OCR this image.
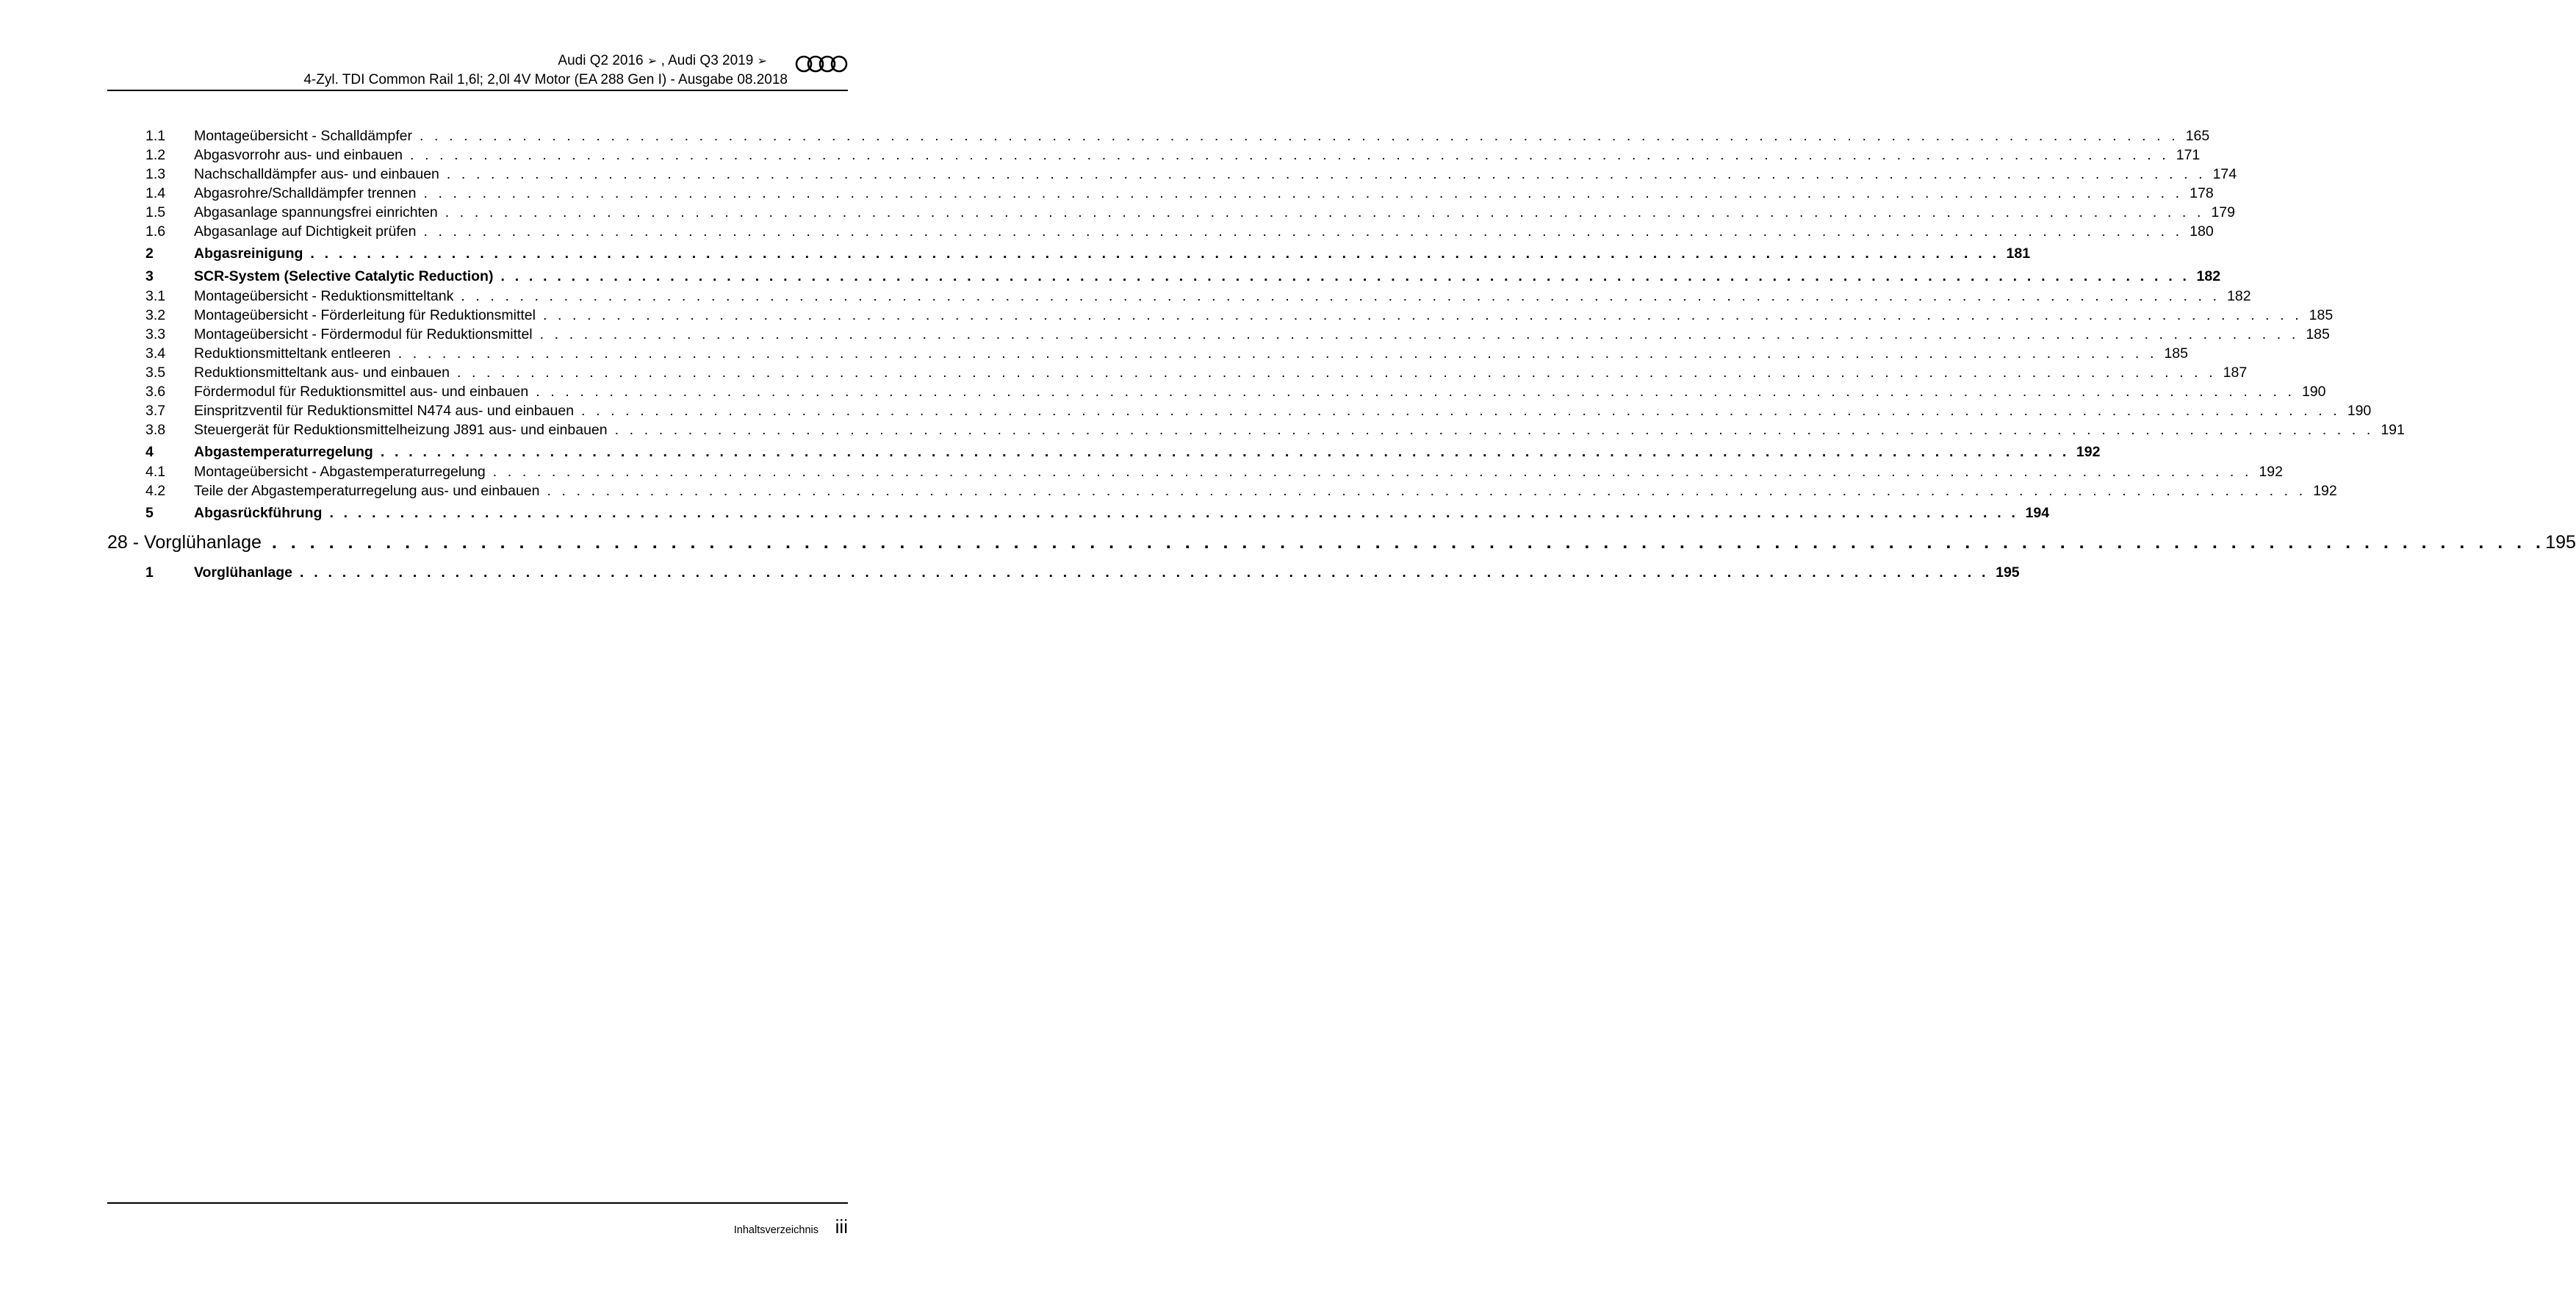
Audi Q2 2016 ➢ , Audi Q3 2019 ➢
4-Zyl. TDI Common Rail 1,6l; 2,0l 4V Motor (EA 288 Gen I) - Ausgabe 08.2018
1.1	Montageübersicht - Schalldämpfer . . . . . . . . . . . . . . . . . . . . . . . . . . . . . . . . . . . . . . . . . . . . . . . . . . . . . . . . . . . . . . . . . . . . . . . . . . . . . . . . . . . . . . . . . . . . . . . . . . . . . . . . . . . . . . . . . . . . . . . . 165
1.2	Abgasvorrohr aus- und einbauen . . . . . . . . . . . . . . . . . . . . . . . . . . . . . . . . . . . . . . . . . . . . . . . . . . . . . . . . . . . . . . . . . . . . . . . . . . . . . . . . . . . . . . . . . . . . . . . . . . . . . . . . . . . . . . . . . . . . . . . . 171
1.3	Nachschalldämpfer aus- und einbauen . . . . . . . . . . . . . . . . . . . . . . . . . . . . . . . . . . . . . . . . . . . . . . . . . . . . . . . . . . . . . . . . . . . . . . . . . . . . . . . . . . . . . . . . . . . . . . . . . . . . . . . . . . . . . . . . . . . . . . . . 174
1.4	Abgasrohre/Schalldämpfer trennen . . . . . . . . . . . . . . . . . . . . . . . . . . . . . . . . . . . . . . . . . . . . . . . . . . . . . . . . . . . . . . . . . . . . . . . . . . . . . . . . . . . . . . . . . . . . . . . . . . . . . . . . . . . . . . . . . . . . . . . . 178
1.5	Abgasanlage spannungsfrei einrichten . . . . . . . . . . . . . . . . . . . . . . . . . . . . . . . . . . . . . . . . . . . . . . . . . . . . . . . . . . . . . . . . . . . . . . . . . . . . . . . . . . . . . . . . . . . . . . . . . . . . . . . . . . . . . . . . . . . . . . . . 179
1.6	Abgasanlage auf Dichtigkeit prüfen . . . . . . . . . . . . . . . . . . . . . . . . . . . . . . . . . . . . . . . . . . . . . . . . . . . . . . . . . . . . . . . . . . . . . . . . . . . . . . . . . . . . . . . . . . . . . . . . . . . . . . . . . . . . . . . . . . . . . . . . 180
2	Abgasreinigung . . . . . . . . . . . . . . . . . . . . . . . . . . . . . . . . . . . . . . . . . . . . . . . . . . . . . . . . . . . . . . . . . . . . . . . . . . . . . . . . . . . . . . . . . . . . . . . . . . . . . . . . . . . . . . . . . . . . . . . . 181
3	SCR-System (Selective Catalytic Reduction) . . . . . . . . . . . . . . . . . . . . . . . . . . . . . . . . . . . . . . . . . . . . . . . . . . . . . . . . . . . . . . . . . . . . . . . . . . . . . . . . . . . . . . . . . . . . . . . . . . . . . . . . . . . . . . . . . . . . . . . . 182
3.1	Montageübersicht - Reduktionsmitteltank . . . . . . . . . . . . . . . . . . . . . . . . . . . . . . . . . . . . . . . . . . . . . . . . . . . . . . . . . . . . . . . . . . . . . . . . . . . . . . . . . . . . . . . . . . . . . . . . . . . . . . . . . . . . . . . . . . . . . . . . 182
3.2	Montageübersicht - Förderleitung für Reduktionsmittel . . . . . . . . . . . . . . . . . . . . . . . . . . . . . . . . . . . . . . . . . . . . . . . . . . . . . . . . . . . . . . . . . . . . . . . . . . . . . . . . . . . . . . . . . . . . . . . . . . . . . . . . . . . . . . . . . . . . . . . . 185
3.3	Montageübersicht - Fördermodul für Reduktionsmittel . . . . . . . . . . . . . . . . . . . . . . . . . . . . . . . . . . . . . . . . . . . . . . . . . . . . . . . . . . . . . . . . . . . . . . . . . . . . . . . . . . . . . . . . . . . . . . . . . . . . . . . . . . . . . . . . . . . . . . . . 185
3.4	Reduktionsmitteltank entleeren . . . . . . . . . . . . . . . . . . . . . . . . . . . . . . . . . . . . . . . . . . . . . . . . . . . . . . . . . . . . . . . . . . . . . . . . . . . . . . . . . . . . . . . . . . . . . . . . . . . . . . . . . . . . . . . . . . . . . . . . 185
3.5	Reduktionsmitteltank aus- und einbauen . . . . . . . . . . . . . . . . . . . . . . . . . . . . . . . . . . . . . . . . . . . . . . . . . . . . . . . . . . . . . . . . . . . . . . . . . . . . . . . . . . . . . . . . . . . . . . . . . . . . . . . . . . . . . . . . . . . . . . . . 187
3.6	Fördermodul für Reduktionsmittel aus- und einbauen . . . . . . . . . . . . . . . . . . . . . . . . . . . . . . . . . . . . . . . . . . . . . . . . . . . . . . . . . . . . . . . . . . . . . . . . . . . . . . . . . . . . . . . . . . . . . . . . . . . . . . . . . . . . . . . . . . . . . . . . 190
3.7	Einspritzventil für Reduktionsmittel N474 aus- und einbauen . . . . . . . . . . . . . . . . . . . . . . . . . . . . . . . . . . . . . . . . . . . . . . . . . . . . . . . . . . . . . . . . . . . . . . . . . . . . . . . . . . . . . . . . . . . . . . . . . . . . . . . . . . . . . . . . . . . . . . . . 190
3.8	Steuergerät für Reduktionsmittelheizung J891 aus- und einbauen . . . . . . . . . . . . . . . . . . . . . . . . . . . . . . . . . . . . . . . . . . . . . . . . . . . . . . . . . . . . . . . . . . . . . . . . . . . . . . . . . . . . . . . . . . . . . . . . . . . . . . . . . . . . . . . . . . . . . . . . 191
4	Abgastemperaturregelung . . . . . . . . . . . . . . . . . . . . . . . . . . . . . . . . . . . . . . . . . . . . . . . . . . . . . . . . . . . . . . . . . . . . . . . . . . . . . . . . . . . . . . . . . . . . . . . . . . . . . . . . . . . . . . . . . . . . . . . . 192
4.1	Montageübersicht - Abgastemperaturregelung . . . . . . . . . . . . . . . . . . . . . . . . . . . . . . . . . . . . . . . . . . . . . . . . . . . . . . . . . . . . . . . . . . . . . . . . . . . . . . . . . . . . . . . . . . . . . . . . . . . . . . . . . . . . . . . . . . . . . . . . 192
4.2	Teile der Abgastemperaturregelung aus- und einbauen . . . . . . . . . . . . . . . . . . . . . . . . . . . . . . . . . . . . . . . . . . . . . . . . . . . . . . . . . . . . . . . . . . . . . . . . . . . . . . . . . . . . . . . . . . . . . . . . . . . . . . . . . . . . . . . . . . . . . . . . 192
5	Abgasrückführung . . . . . . . . . . . . . . . . . . . . . . . . . . . . . . . . . . . . . . . . . . . . . . . . . . . . . . . . . . . . . . . . . . . . . . . . . . . . . . . . . . . . . . . . . . . . . . . . . . . . . . . . . . . . . . . . . . . . . . . . 194
28 - Vorglühanlage . . . . . . . . . . . . . . . . . . . . . . . . . . . . . . . . . . . . . . . . . . . . . . . . . . . . . . . . . . . . . . . . . . . . . . . . . . . . . . . . . . . . . . . . . . . . . . . . . . . . . . . . . . . . . . . . . . . . . . . . 195
1	Vorglühanlage . . . . . . . . . . . . . . . . . . . . . . . . . . . . . . . . . . . . . . . . . . . . . . . . . . . . . . . . . . . . . . . . . . . . . . . . . . . . . . . . . . . . . . . . . . . . . . . . . . . . . . . . . . . . . . . . . . . . . . . . 195
Inhaltsverzeichnis iii
